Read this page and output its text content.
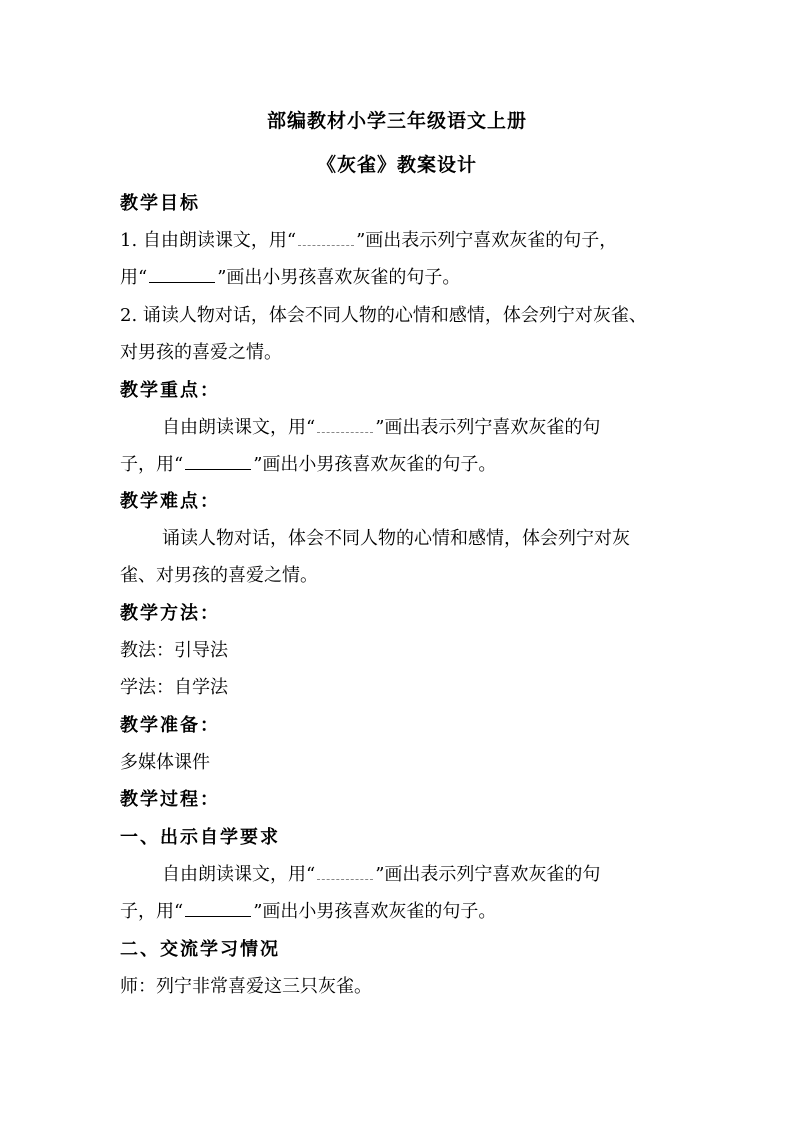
部编教材小学三年级语文上册
《灰雀》教案设计
教学目标
1. 自由朗读课文，用“	”画出表示列宁喜欢灰雀的句子，
用“	”画出小男孩喜欢灰雀的句子。
2. 诵读人物对话，体会不同人物的心情和感情，体会列宁对灰雀、
对男孩的喜爱之情。
教学重点：
自由朗读课文，用“	”画出表示列宁喜欢灰雀的句
子，用“	”画出小男孩喜欢灰雀的句子。
教学难点：
诵读人物对话，体会不同人物的心情和感情，体会列宁对灰
雀、对男孩的喜爱之情。
教学方法：
教法：引导法
学法：自学法
教学准备：
多媒体课件
教学过程：
一、出示自学要求
自由朗读课文，用“	”画出表示列宁喜欢灰雀的句
子，用“	”画出小男孩喜欢灰雀的句子。
二、交流学习情况
师：列宁非常喜爱这三只灰雀。
